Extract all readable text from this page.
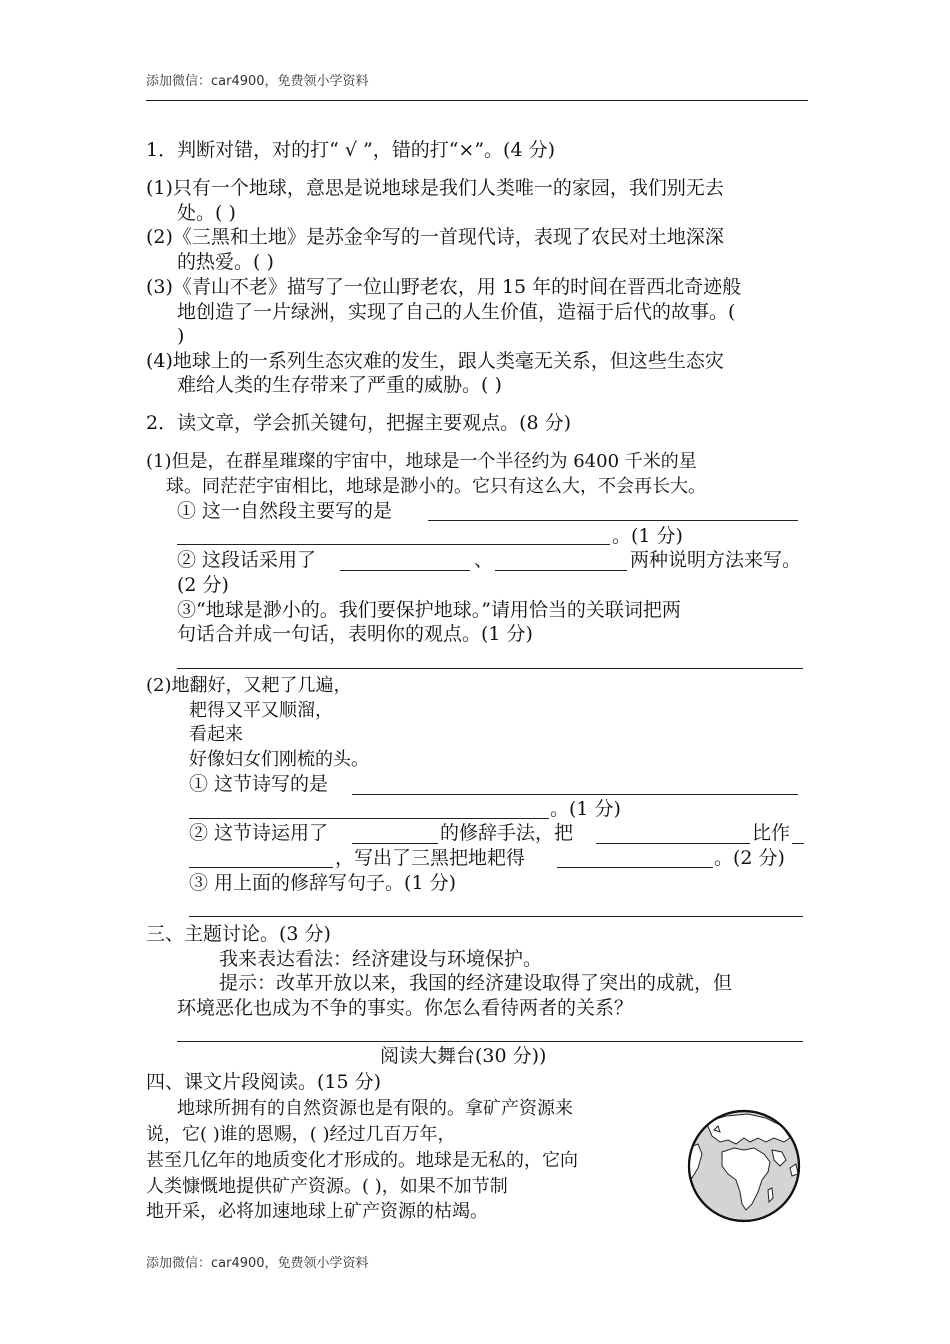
添加微信：car4900，免费领小学资料
1．判断对错，对的打“ √ ”，错的打“×”。(4 分)
(1)只有一个地球，意思是说地球是我们人类唯一的家园，我们别无去
处。( )
(2)《三黑和土地》是苏金伞写的一首现代诗，表现了农民对土地深深
的热爱。( )
(3)《青山不老》描写了一位山野老农，用 15 年的时间在晋西北奇迹般
地创造了一片绿洲，实现了自己的人生价值，造福于后代的故事。(
)
(4)地球上的一系列生态灾难的发生，跟人类毫无关系，但这些生态灾
难给人类的生存带来了严重的威胁。( )
2．读文章，学会抓关键句，把握主要观点。(8 分)
(1)但是，在群星璀璨的宇宙中，地球是一个半径约为 6400 千米的星
球。同茫茫宇宙相比，地球是渺小的。它只有这么大，不会再长大。
① 这一自然段主要写的是
。(1 分)
② 这段话采用了	、	两种说明方法来写。
(2 分)
③“地球是渺小的。我们要保护地球。”请用恰当的关联词把两
句话合并成一句话，表明你的观点。(1 分)
(2)地翻好，又耙了几遍，
耙得又平又顺溜，
看起来
好像妇女们刚梳的头。
① 这节诗写的是
。(1 分)
② 这节诗运用了	的修辞手法，把	比作
，写出了三黑把地耙得	。(2 分)
③ 用上面的修辞写句子。(1 分)
三、主题讨论。(3 分)
我来表达看法：经济建设与环境保护。
提示：改革开放以来，我国的经济建设取得了突出的成就，但
环境恶化也成为不争的事实。你怎么看待两者的关系？
阅读大舞台(30 分))
四、课文片段阅读。(15 分)
地球所拥有的自然资源也是有限的。拿矿产资源来
说，它( )谁的恩赐，( )经过几百万年，
甚至几亿年的地质变化才形成的。地球是无私的，它向
人类慷慨地提供矿产资源。( )，如果不加节制
地开采，必将加速地球上矿产资源的枯竭。
添加微信：car4900，免费领小学资料
